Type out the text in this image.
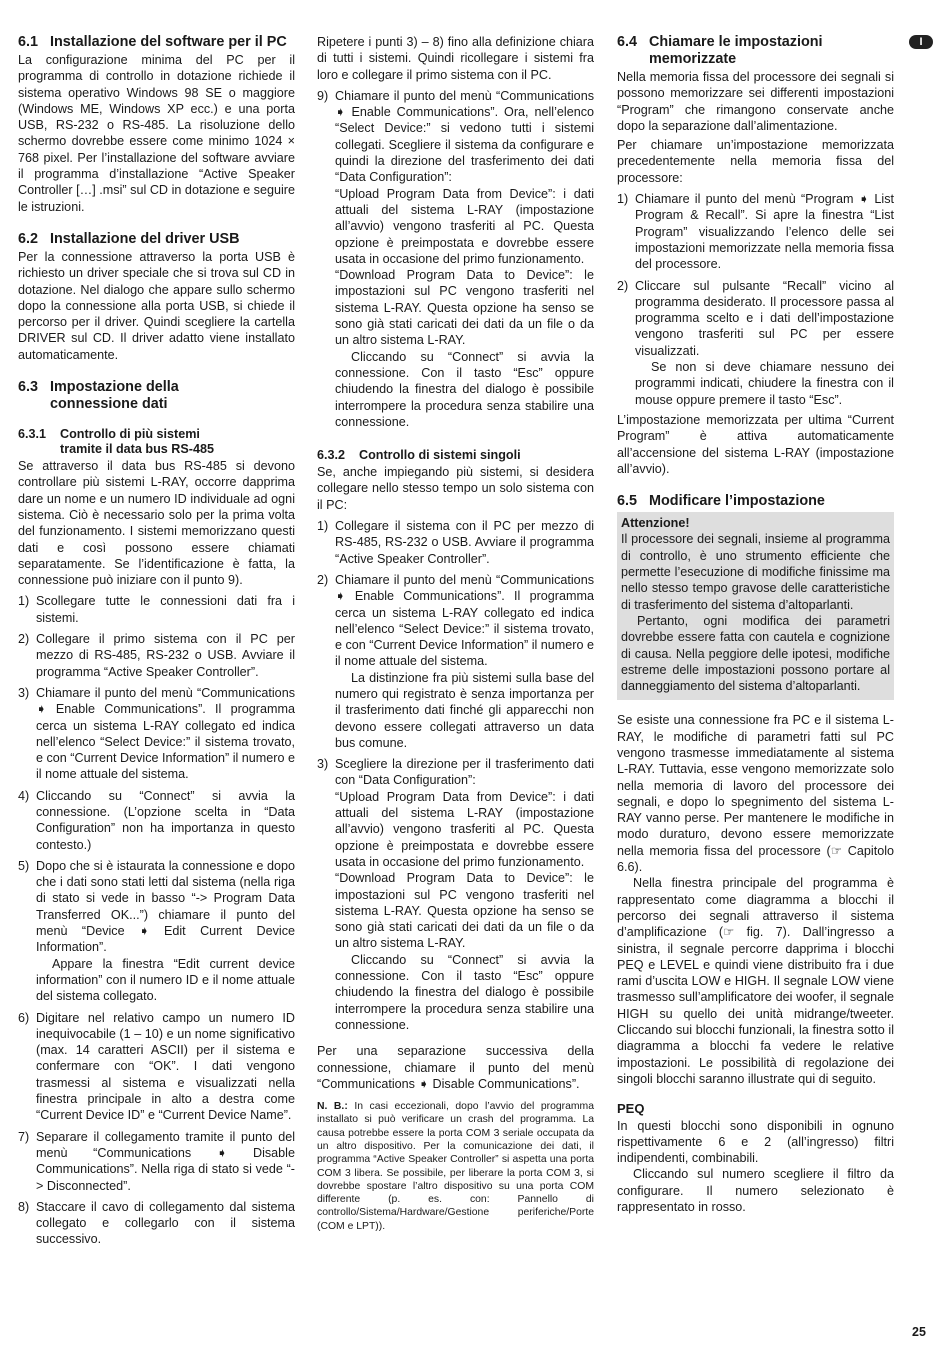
I
6.1 Installazione del software per il PC

La configurazione minima del PC per il programma di controllo in dotazione richiede il sistema operativo Windows 98 SE o maggiore (Windows ME, Windows XP ecc.) e una porta USB, RS-232 o RS-485. La risoluzione dello schermo dovrebbe essere come minimo 1024 × 768 pixel. Per l’installazione del software avviare il programma d’installazione “Active Speaker Controller […] .msi” sul CD in dotazione e seguire le istruzioni.

6.2 Installazione del driver USB

Per la connessione attraverso la porta USB è richiesto un driver speciale che si trova sul CD in dotazione. Nel dialogo che appare sullo schermo dopo la connessione alla porta USB, si chiede il percorso per il driver. Quindi scegliere la cartella DRIVER sul CD. Il driver adatto viene installato automaticamente.

6.3 Impostazione della
connessione dati
6.3.1	Controllo di più sistemi
tramite il data bus RS-485

Se attraverso il data bus RS-485 si devono controllare più sistemi L-RAY, occorre dapprima dare un nome e un numero ID individuale ad ogni sistema. Ciò è necessario solo per la prima volta del funzionamento. I sistemi memorizzano questi dati e così possono essere chiamati separatamente. Se l’identificazione è fatta, la connessione può iniziare con il punto 9).

1) Scollegare tutte le connessioni dati fra i sistemi.
2) Collegare il primo sistema con il PC per mezzo di RS-485, RS-232 o USB. Avviare il programma “Active Speaker Controller”.
3) Chiamare il punto del menù “Communications ➧ Enable Communications”. Il programma cerca un sistema L-RAY collegato ed indica nell’elenco “Select Device:” il sistema trovato, e con “Current Device Information” il numero e il nome attuale del sistema.
4) Cliccando su “Connect” si avvia la connessione. (L’opzione scelta in “Data Configuration” non ha importanza in questo contesto.)
5) Dopo che si è istaurata la connessione e dopo che i dati sono stati letti dal sistema (nella riga di stato si vede in basso “-> Program Data Transferred OK...”) chiamare il punto del menù “Device ➧ Edit Current Device Information”.

Appare la finestra “Edit current device information” con il numero ID e il nome attuale del sistema collegato.

6) Digitare nel relativo campo un numero ID inequivocabile (1 – 10) e un nome significativo (max. 14 caratteri ASCII) per il sistema e confermare con “OK”. I dati vengono trasmessi al sistema e visualizzati nella finestra principale in alto a destra come “Current Device ID” e “Current Device Name”.
7) Separare il collegamento tramite il punto del menù “Communications ➧ Disable Communications”. Nella riga di stato si vede “-> Disconnected”.
8) Staccare il cavo di collegamento dal sistema collegato e collegarlo con il sistema successivo.

Ripetere i punti 3) – 8) fino alla definizione chiara di tutti i sistemi. Quindi ricollegare i sistemi fra loro e collegare il primo sistema con il PC.

9) Chiamare il punto del menù “Communications ➧ Enable Communications”. Ora, nell’elenco “Select Device:” si vedono tutti i sistemi collegati. Scegliere il sistema da configurare e quindi la direzione del trasferimento dei dati “Data Configuration”:

“Upload Program Data from Device”: i dati attuali del sistema L-RAY (impostazione all’avvio) vengono trasferiti al PC. Questa opzione è preimpostata e dovrebbe essere usata in occasione del primo funzionamento.

“Download Program Data to Device”: le impostazioni sul PC vengono trasferiti nel sistema L-RAY. Questa opzione ha senso se sono già stati caricati dei dati da un file o da un altro sistema L-RAY.

Cliccando su “Connect” si avvia la connessione. Con il tasto “Esc” oppure chiudendo la finestra del dialogo è possibile interrompere la procedura senza stabilire una connessione.

6.3.2	Controllo di sistemi singoli

Se, anche impiegando più sistemi, si desidera collegare nello stesso tempo un solo sistema con il PC:

1) Collegare il sistema con il PC per mezzo di RS-485, RS-232 o USB. Avviare il programma “Active Speaker Controller”.
2) Chiamare il punto del menù “Communications ➧ Enable Communications”. Il programma cerca un sistema L-RAY collegato ed indica nell’elenco “Select Device:” il sistema trovato, e con “Current Device Information” il numero e il nome attuale del sistema.

La distinzione fra più sistemi sulla base del numero qui registrato è senza importanza per il trasferimento dati finché gli apparecchi non devono essere collegati attraverso un data bus comune.

3) Scegliere la direzione per il trasferimento dati con “Data Configuration”:

“Upload Program Data from Device”: i dati attuali del sistema L-RAY (impostazione all’avvio) vengono trasferiti al PC. Questa opzione è preimpostata e dovrebbe essere usata in occasione del primo funzionamento.

“Download Program Data to Device”: le impostazioni sul PC vengono trasferiti nel sistema L-RAY. Questa opzione ha senso se sono già stati caricati dei dati da un file o da un altro sistema L-RAY.

Cliccando su “Connect” si avvia la connessione. Con il tasto “Esc” oppure chiudendo la finestra del dialogo è possibile interrompere la procedura senza stabilire una connessione.

Per una separazione successiva della connessione, chiamare il punto del menù “Communications ➧ Disable Communications”.

N. B.: In casi eccezionali, dopo l’avvio del programma installato si può verificare un crash del programma. La causa potrebbe essere la porta COM 3 seriale occupata da un altro dispositivo. Per la comunicazione dei dati, il programma “Active Speaker Controller” si aspetta una porta COM 3 libera. Se possibile, per liberare la porta COM 3, si dovrebbe spostare l’altro dispositivo su una porta COM differente (p. es. con: Pannello di controllo/Sistema/Hardware/Gestione periferiche/Porte (COM e LPT)).

6.4 Chiamare le impostazioni
memorizzate

Nella memoria fissa del processore dei segnali si possono memorizzare sei differenti impostazioni “Program” che rimangono conservate anche dopo la separazione dall’alimentazione.

Per chiamare un’impostazione memorizzata precedentemente nella memoria fissa del processore:

1) Chiamare il punto del menù “Program ➧ List Program & Recall”. Si apre la finestra “List Program” visualizzando l’elenco delle sei impostazioni memorizzate nella memoria fissa del processore.
2) Cliccare sul pulsante “Recall” vicino al programma desiderato. Il processore passa al programma scelto e i dati dell’impostazione vengono trasferiti sul PC per essere visualizzati.

Se non si deve chiamare nessuno dei programmi indicati, chiudere la finestra con il mouse oppure premere il tasto “Esc”.

L’impostazione memorizzata per ultima “Current Program” è attiva automaticamente all’accensione del sistema L-RAY (impostazione all’avvio).

6.5 Modificare l’impostazione
Attenzione!

Il processore dei segnali, insieme al programma di controllo, è uno strumento efficiente che permette l’esecuzione di modifiche finissime ma nello stesso tempo gravose delle caratteristiche di trasferimento del sistema d’altoparlanti.

Pertanto, ogni modifica dei parametri dovrebbe essere fatta con cautela e cognizione di causa. Nella peggiore delle ipotesi, modifiche estreme delle impostazioni possono portare al danneggiamento del sistema d’altoparlanti.

Se esiste una connessione fra PC e il sistema L-RAY, le modifiche di parametri fatti sul PC vengono trasmesse immediatamente al sistema L-RAY. Tuttavia, esse vengono memorizzate solo nella memoria di lavoro del processore dei segnali, e dopo lo spegnimento del sistema L-RAY vanno perse. Per mantenere le modifiche in modo duraturo, devono essere memorizzate nella memoria fissa del processore (☞ Capitolo 6.6).

Nella finestra principale del programma è rappresentato come diagramma a blocchi il percorso dei segnali attraverso il sistema d’amplificazione (☞ fig. 7). Dall’ingresso a sinistra, il segnale percorre dapprima i blocchi PEQ e LEVEL e quindi viene distribuito fra i due rami d’uscita LOW e HIGH. Il segnale LOW viene trasmesso sull’amplificatore dei woofer, il segnale HIGH su quello dei unità midrange/tweeter. Cliccando sui blocchi funzionali, la finestra sotto il diagramma a blocchi fa vedere le relative impostazioni. Le possibilità di regolazione dei singoli blocchi saranno illustrate qui di seguito.

PEQ

In questi blocchi sono disponibili in ognuno rispettivamente 6 e 2 (all’ingresso) filtri indipendenti, combinabili.

Cliccando sul numero scegliere il filtro da configurare. Il numero selezionato è rappresentato in rosso.

25
